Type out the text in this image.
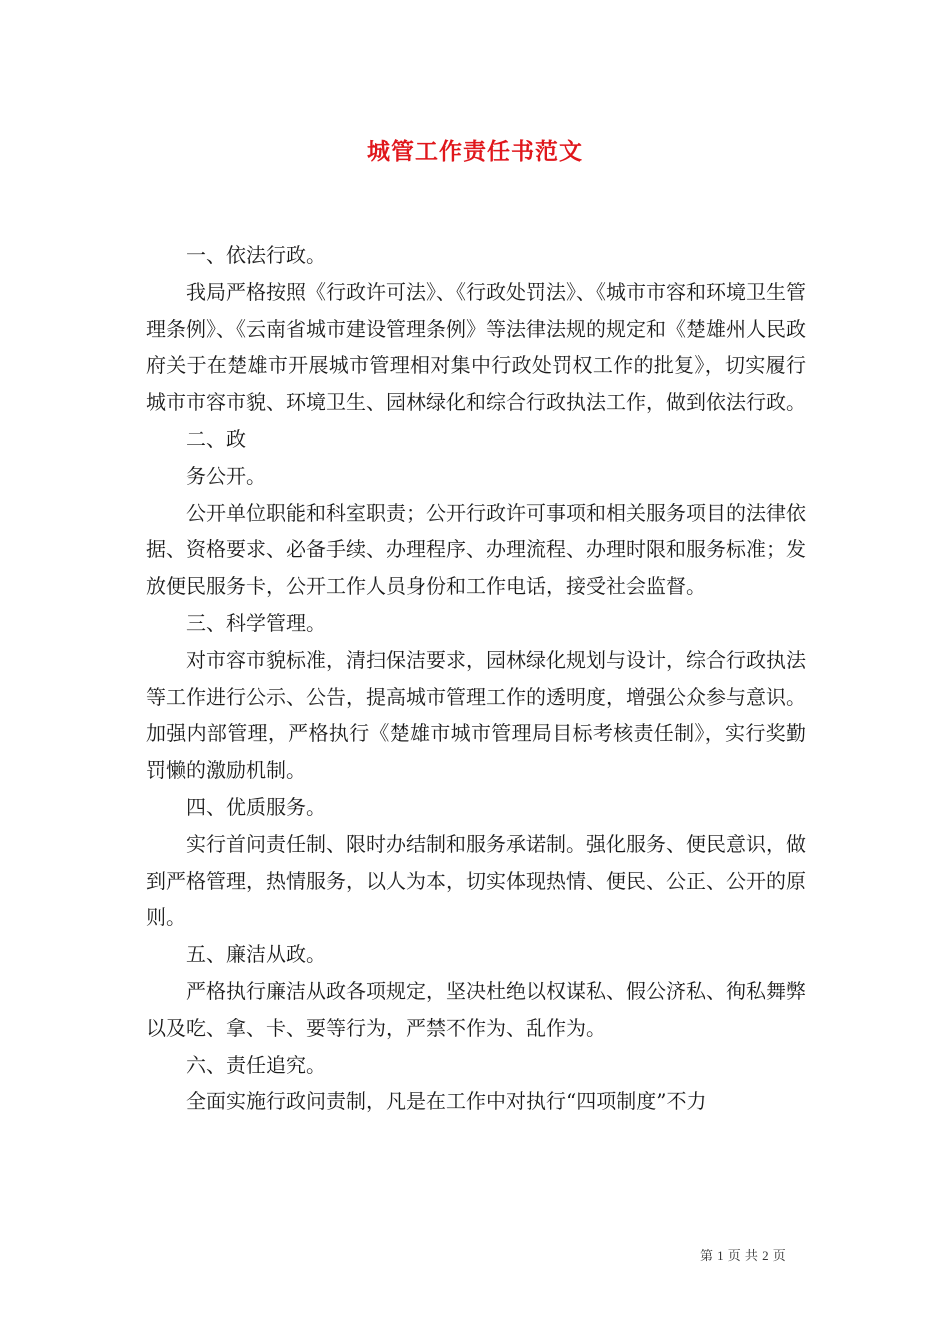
城管工作责任书范文

一、依法行政。

我局严格按照《行政许可法》、《行政处罚法》、《城市市容和环境卫生管理条例》、《云南省城市建设管理条例》等法律法规的规定和《楚雄州人民政府关于在楚雄市开展城市管理相对集中行政处罚权工作的批复》，切实履行城市市容市貌、环境卫生、园林绿化和综合行政执法工作，做到依法行政。

二、政

务公开。

公开单位职能和科室职责；公开行政许可事项和相关服务项目的法律依据、资格要求、必备手续、办理程序、办理流程、办理时限和服务标准；发放便民服务卡，公开工作人员身份和工作电话，接受社会监督。

三、科学管理。

对市容市貌标准，清扫保洁要求，园林绿化规划与设计，综合行政执法等工作进行公示、公告，提高城市管理工作的透明度，增强公众参与意识。加强内部管理，严格执行《楚雄市城市管理局目标考核责任制》，实行奖勤罚懒的激励机制。

四、优质服务。

实行首问责任制、限时办结制和服务承诺制。强化服务、便民意识，做到严格管理，热情服务，以人为本，切实体现热情、便民、公正、公开的原则。

五、廉洁从政。

严格执行廉洁从政各项规定，坚决杜绝以权谋私、假公济私、徇私舞弊以及吃、拿、卡、要等行为，严禁不作为、乱作为。

六、责任追究。

全面实施行政问责制，凡是在工作中对执行“四项制度”不力

第 1 页 共 2 页
